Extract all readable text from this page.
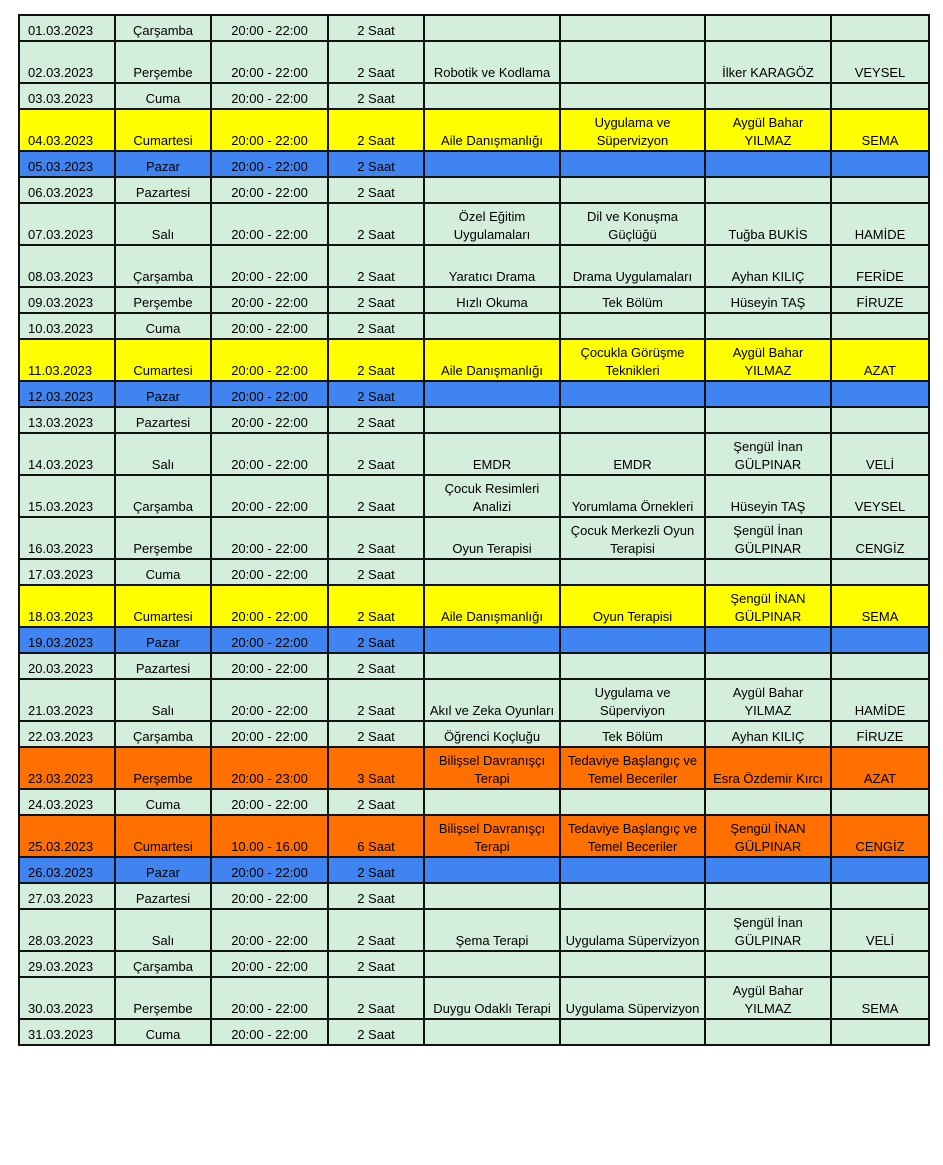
01.03.2023	Çarşamba	20:00 - 22:00	2 Saat				
02.03.2023	Perşembe	20:00 - 22:00	2 Saat	Robotik ve Kodlama		İlker KARAGÖZ	VEYSEL
03.03.2023	Cuma	20:00 - 22:00	2 Saat				
04.03.2023	Cumartesi	20:00 - 22:00	2 Saat	Aile Danışmanlığı	Uygulama ve Süpervizyon	Aygül Bahar YILMAZ	SEMA
05.03.2023	Pazar	20:00 - 22:00	2 Saat				
06.03.2023	Pazartesi	20:00 - 22:00	2 Saat				
07.03.2023	Salı	20:00 - 22:00	2 Saat	Özel Eğitim Uygulamaları	Dil ve Konuşma Güçlüğü	Tuğba BUKİS	HAMİDE
08.03.2023	Çarşamba	20:00 - 22:00	2 Saat	Yaratıcı Drama	Drama Uygulamaları	Ayhan KILIÇ	FERİDE
09.03.2023	Perşembe	20:00 - 22:00	2 Saat	Hızlı Okuma	Tek Bölüm	Hüseyin TAŞ	FİRUZE
10.03.2023	Cuma	20:00 - 22:00	2 Saat				
11.03.2023	Cumartesi	20:00 - 22:00	2 Saat	Aile Danışmanlığı	Çocukla Görüşme Teknikleri	Aygül Bahar YILMAZ	AZAT
12.03.2023	Pazar	20:00 - 22:00	2 Saat				
13.03.2023	Pazartesi	20:00 - 22:00	2 Saat				
14.03.2023	Salı	20:00 - 22:00	2 Saat	EMDR	EMDR	Şengül İnan GÜLPINAR	VELİ
15.03.2023	Çarşamba	20:00 - 22:00	2 Saat	Çocuk Resimleri Analizi	Yorumlama Örnekleri	Hüseyin TAŞ	VEYSEL
16.03.2023	Perşembe	20:00 - 22:00	2 Saat	Oyun Terapisi	Çocuk Merkezli Oyun Terapisi	Şengül İnan GÜLPINAR	CENGİZ
17.03.2023	Cuma	20:00 - 22:00	2 Saat				
18.03.2023	Cumartesi	20:00 - 22:00	2 Saat	Aile Danışmanlığı	Oyun Terapisi	Şengül İNAN GÜLPINAR	SEMA
19.03.2023	Pazar	20:00 - 22:00	2 Saat				
20.03.2023	Pazartesi	20:00 - 22:00	2 Saat				
21.03.2023	Salı	20:00 - 22:00	2 Saat	Akıl ve Zeka Oyunları	Uygulama ve Süperviyon	Aygül Bahar YILMAZ	HAMİDE
22.03.2023	Çarşamba	20:00 - 22:00	2 Saat	Öğrenci Koçluğu	Tek Bölüm	Ayhan KILIÇ	FİRUZE
23.03.2023	Perşembe	20:00 - 23:00	3 Saat	Bilişsel Davranışçı Terapi	Tedaviye Başlangıç ve Temel Beceriler	Esra Özdemir Kırcı	AZAT
24.03.2023	Cuma	20:00 - 22:00	2 Saat				
25.03.2023	Cumartesi	10.00 - 16.00	6 Saat	Bilişsel Davranışçı Terapi	Tedaviye Başlangıç ve Temel Beceriler	Şengül İNAN GÜLPINAR	CENGİZ
26.03.2023	Pazar	20:00 - 22:00	2 Saat				
27.03.2023	Pazartesi	20:00 - 22:00	2 Saat				
28.03.2023	Salı	20:00 - 22:00	2 Saat	Şema Terapi	Uygulama Süpervizyon	Şengül İnan GÜLPINAR	VELİ
29.03.2023	Çarşamba	20:00 - 22:00	2 Saat				
30.03.2023	Perşembe	20:00 - 22:00	2 Saat	Duygu Odaklı Terapi	Uygulama Süpervizyon	Aygül Bahar YILMAZ	SEMA
31.03.2023	Cuma	20:00 - 22:00	2 Saat				
